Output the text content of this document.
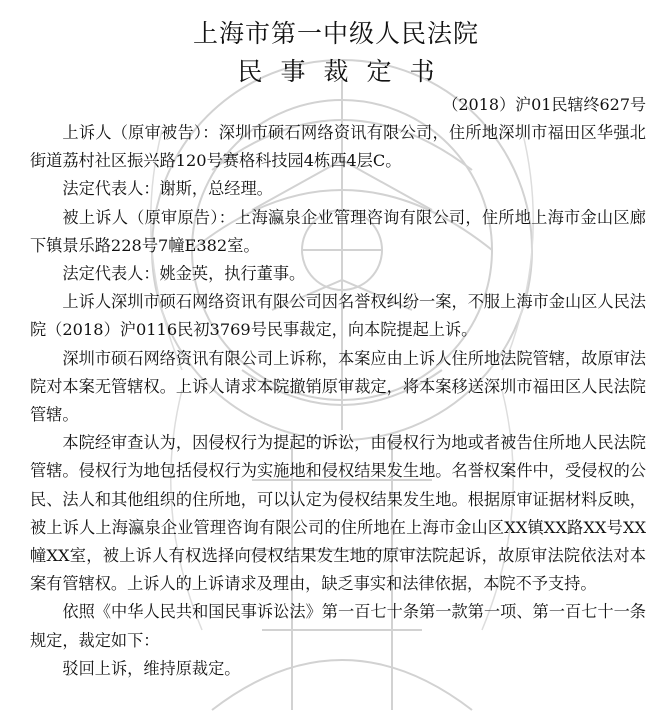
上海市第一中级人民法院
民事裁定书
（2018）沪01民辖终627号

上诉人（原审被告）：深圳市硕石网络资讯有限公司，住所地深圳市福田区华强北街道荔村社区振兴路120号赛格科技园4栋西4层C。

法定代表人：谢斯，总经理。

被上诉人（原审原告）：上海瀛泉企业管理咨询有限公司，住所地上海市金山区廊下镇景乐路228号7幢E382室。

法定代表人：姚金英，执行董事。

上诉人深圳市硕石网络资讯有限公司因名誉权纠纷一案，不服上海市金山区人民法院（2018）沪0116民初3769号民事裁定，向本院提起上诉。

深圳市硕石网络资讯有限公司上诉称，本案应由上诉人住所地法院管辖，故原审法院对本案无管辖权。上诉人请求本院撤销原审裁定，将本案移送深圳市福田区人民法院管辖。

本院经审查认为，因侵权行为提起的诉讼，由侵权行为地或者被告住所地人民法院管辖。侵权行为地包括侵权行为实施地和侵权结果发生地。名誉权案件中，受侵权的公民、法人和其他组织的住所地，可以认定为侵权结果发生地。根据原审证据材料反映，被上诉人上海瀛泉企业管理咨询有限公司的住所地在上海市金山区XX镇XX路XX号XX幢XX室，被上诉人有权选择向侵权结果发生地的原审法院起诉，故原审法院依法对本案有管辖权。上诉人的上诉请求及理由，缺乏事实和法律依据，本院不予支持。

依照《中华人民共和国民事诉讼法》第一百七十条第一款第一项、第一百七十一条规定，裁定如下：

驳回上诉，维持原裁定。
